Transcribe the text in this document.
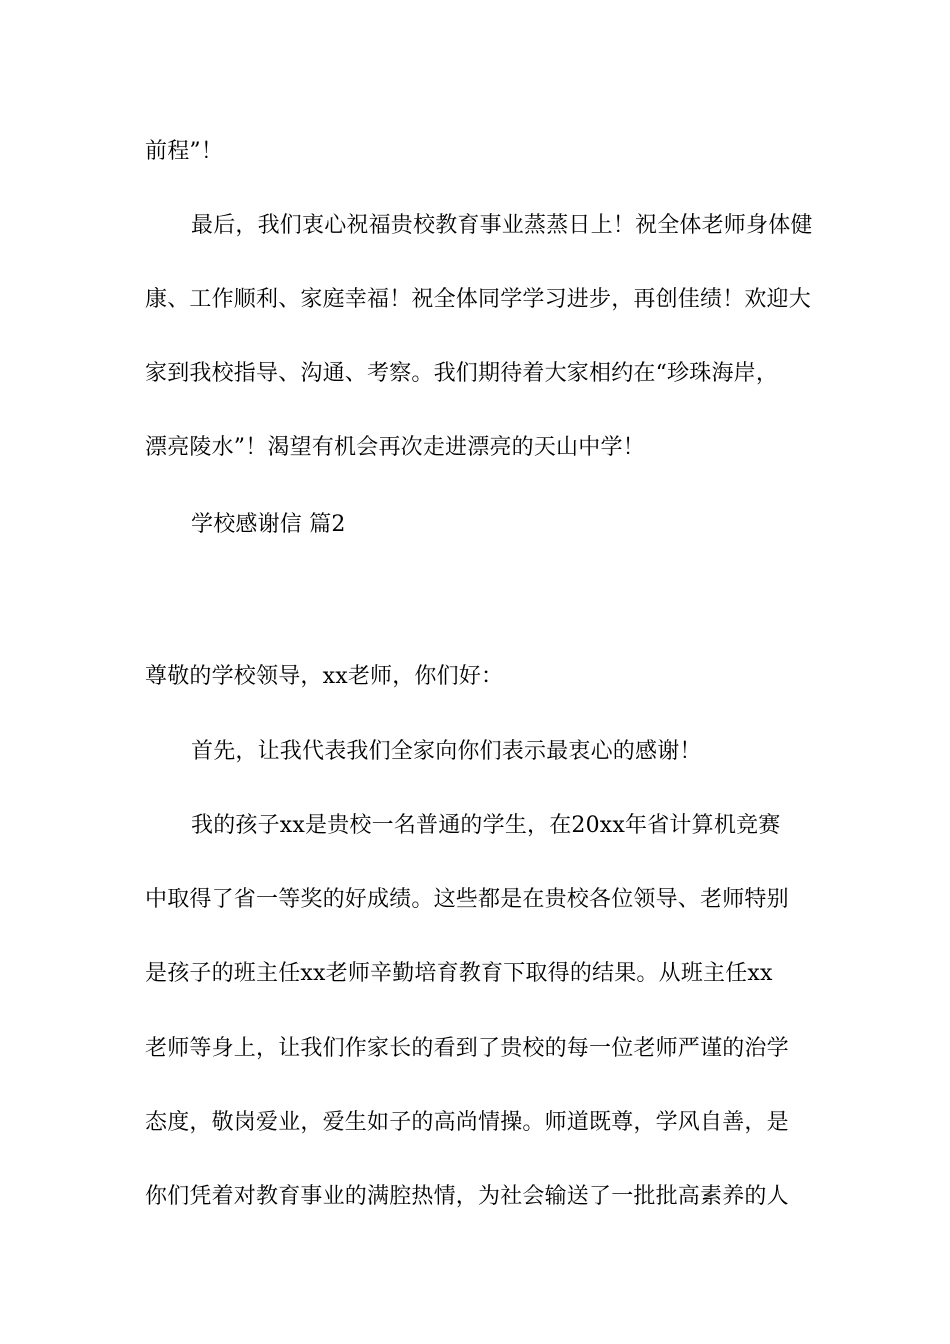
前程”！
最后，我们衷心祝福贵校教育事业蒸蒸日上！祝全体老师身体健
康、工作顺利、家庭幸福！祝全体同学学习进步，再创佳绩！欢迎大
家到我校指导、沟通、考察。我们期待着大家相约在“珍珠海岸，
漂亮陵水”！渴望有机会再次走进漂亮的天山中学！
学校感谢信 篇2
尊敬的学校领导，xx老师，你们好：
首先，让我代表我们全家向你们表示最衷心的感谢！
我的孩子xx是贵校一名普通的学生，在20xx年省计算机竞赛
中取得了省一等奖的好成绩。这些都是在贵校各位领导、老师特别
是孩子的班主任xx老师辛勤培育教育下取得的结果。从班主任xx
老师等身上，让我们作家长的看到了贵校的每一位老师严谨的治学
态度，敬岗爱业，爱生如子的高尚情操。师道既尊，学风自善，是
你们凭着对教育事业的满腔热情，为社会输送了一批批高素养的人
